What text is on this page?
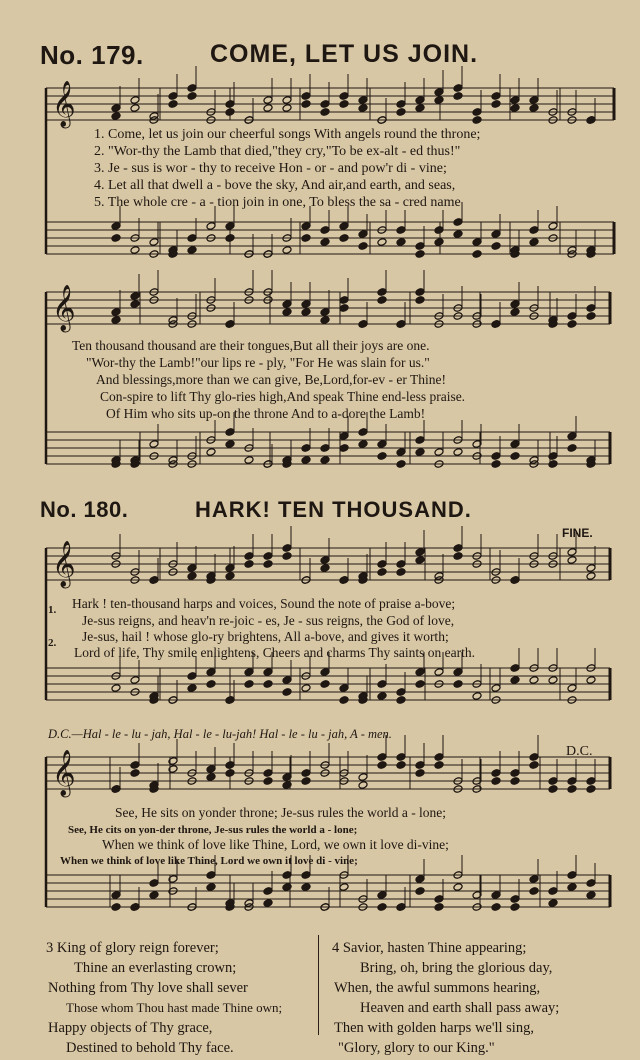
𝄞
𝄞
𝄞
𝄞
No. 179.	COME, LET US JOIN.
1. Come, let us join our cheerful songs With angels round the throne;
2. "Wor-thy the Lamb that died,"they cry,"To be ex-alt - ed thus!"
3. Je - sus is wor - thy to receive Hon - or - and pow'r di - vine;
4. Let all that dwell a - bove the sky, And air,and earth, and seas,
5. The whole cre - a - tion join in one, To bless the sa - cred name
Ten thousand thousand are their tongues,But all their joys are one.
"Wor-thy the Lamb!"our lips re - ply, "For He was slain for us."
And blessings,more than we can give, Be,Lord,for-ev - er Thine!
Con-spire to lift Thy glo-ries high,And speak Thine end-less praise.
Of Him who sits up-on the throne And to a-dore the Lamb!
No. 180.	HARK! TEN THOUSAND.
FINE.
1.
2.
Hark ! ten-thousand harps and voices, Sound the note of praise a-bove;
Je-sus reigns, and heav'n re-joic - es, Je - sus reigns, the God of love,
Je-sus, hail ! whose glo-ry brightens, All a-bove, and gives it worth;
Lord of life, Thy smile enlightens, Cheers and charms Thy saints on earth.
D.C.—Hal - le - lu - jah, Hal - le - lu-jah! Hal - le - lu - jah, A - men.
D.C.
See, He sits on yonder throne; Je-sus rules the world a - lone;
See, He cits on yon-der throne, Je-sus rules the world a - lone;
When we think of love like Thine, Lord, we own it love di-vine;
When we think of love like Thine, Lord we own it love di - vine;
3 King of glory reign forever;
Thine an everlasting crown;
Nothing from Thy love shall sever
Those whom Thou hast made Thine own;
Happy objects of Thy grace,
Destined to behold Thy face.
4 Savior, hasten Thine appearing;
Bring, oh, bring the glorious day,
When, the awful summons hearing,
Heaven and earth shall pass away;
Then with golden harps we'll sing,
"Glory, glory to our King."
